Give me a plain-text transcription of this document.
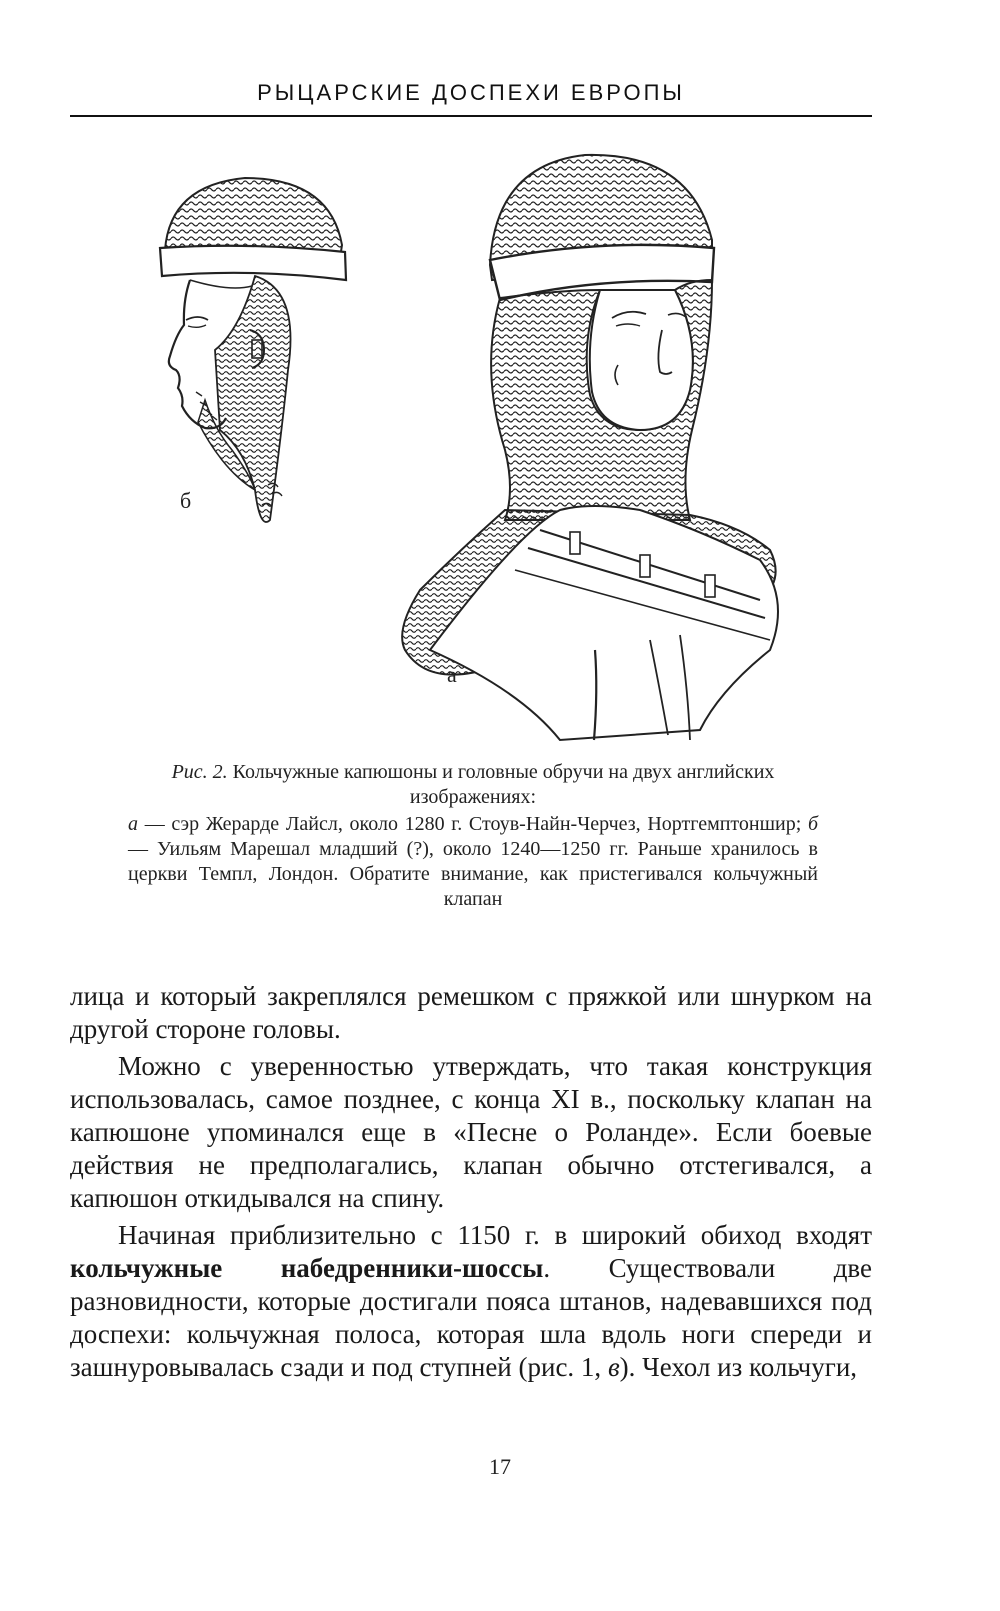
РЫЦАРСКИЕ ДОСПЕХИ ЕВРОПЫ
б
а
Рис. 2. Кольчужные капюшоны и головные обручи на двух английских изображениях:
а — сэр Жерарде Лайсл, около 1280 г. Стоув-Найн-Черчез, Нортгемптоншир; б — Уильям Марешал младший (?), около 1240—1250 гг. Раньше хранилось в церкви Темпл, Лондон. Обратите внимание, как пристегивался кольчужный клапан

лица и который закреплялся ремешком с пряжкой или шнурком на другой стороне головы.

Можно с уверенностью утверждать, что такая конструкция использовалась, самое позднее, с конца XI в., поскольку клапан на капюшоне упоминался еще в «Песне о Роланде». Если боевые действия не предполагались, клапан обычно отстегивался, а капюшон откидывался на спину.

Начиная приблизительно с 1150 г. в широкий обиход входят кольчужные набедренники-шоссы. Существовали две разновидности, которые достигали пояса штанов, надевавшихся под доспехи: кольчужная полоса, которая шла вдоль ноги спереди и зашнуровывалась сзади и под ступней (рис. 1, в). Чехол из кольчуги,

17
